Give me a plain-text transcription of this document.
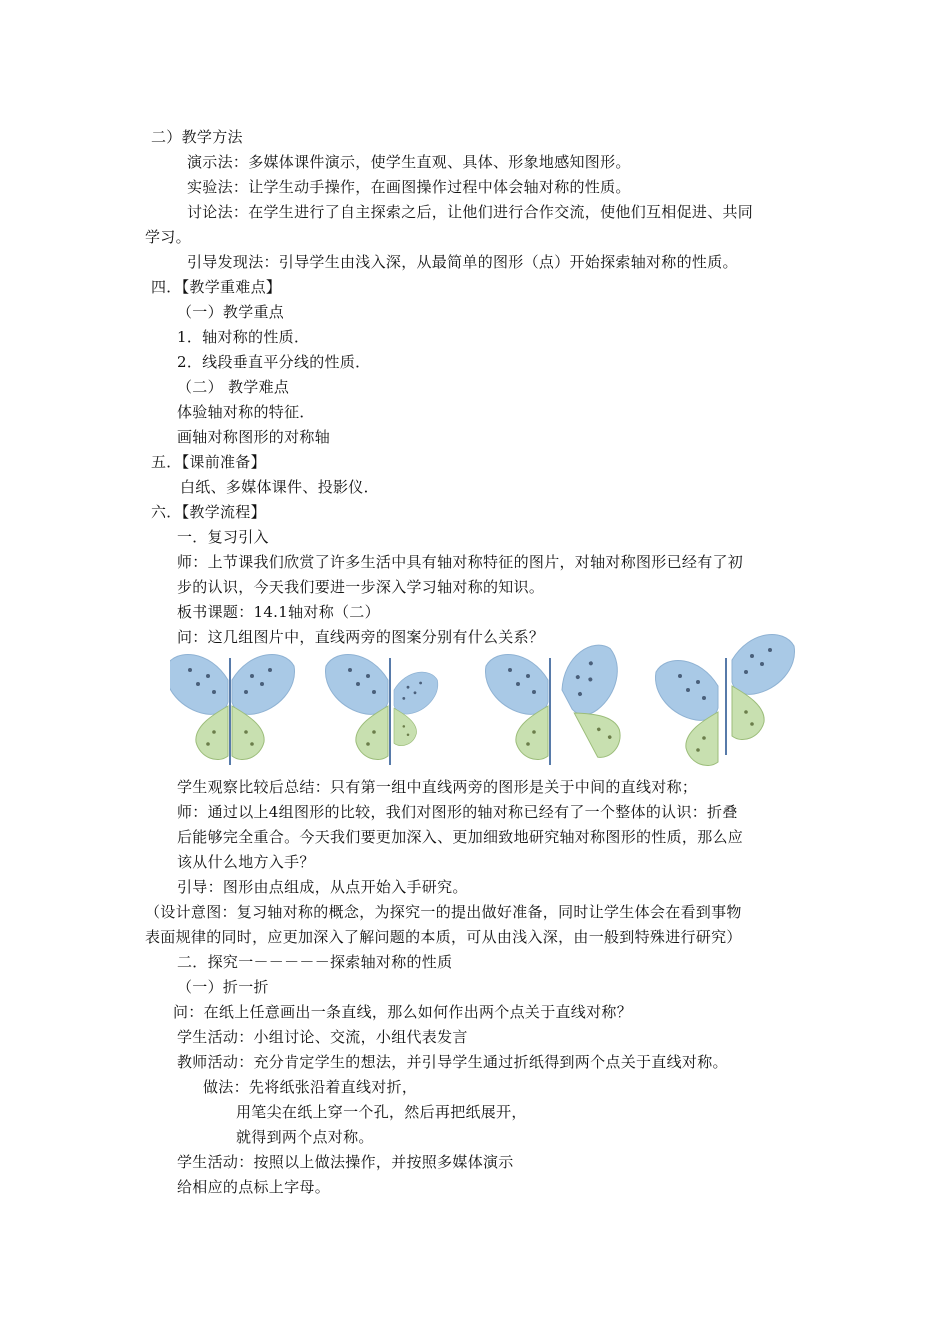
二）教学方法
演示法：多媒体课件演示，使学生直观、具体、形象地感知图形。
实验法：让学生动手操作，在画图操作过程中体会轴对称的性质。
讨论法：在学生进行了自主探索之后，让他们进行合作交流，使他们互相促进、共同
学习。
引导发现法：引导学生由浅入深，从最简单的图形（点）开始探索轴对称的性质。
四．【教学重难点】
（一）教学重点
1．轴对称的性质．
2．线段垂直平分线的性质．
（二） 教学难点
体验轴对称的特征．
画轴对称图形的对称轴
五．【课前准备】
白纸、多媒体课件、投影仪．
六．【教学流程】
一．复习引入
师：上节课我们欣赏了许多生活中具有轴对称特征的图片，对轴对称图形已经有了初
步的认识，今天我们要进一步深入学习轴对称的知识。
板书课题：14.1轴对称（二）
问：这几组图片中，直线两旁的图案分别有什么关系？
学生观察比较后总结：只有第一组中直线两旁的图形是关于中间的直线对称；
师：通过以上4组图形的比较，我们对图形的轴对称已经有了一个整体的认识：折叠
后能够完全重合。今天我们要更加深入、更加细致地研究轴对称图形的性质，那么应
该从什么地方入手？
引导：图形由点组成，从点开始入手研究。
（设计意图：复习轴对称的概念，为探究一的提出做好准备，同时让学生体会在看到事物
表面规律的同时，应更加深入了解问题的本质，可从由浅入深，由一般到特殊进行研究）
二．探究一－－－－－探索轴对称的性质
（一）折一折
问：在纸上任意画出一条直线，那么如何作出两个点关于直线对称？
学生活动：小组讨论、交流，小组代表发言
教师活动：充分肯定学生的想法，并引导学生通过折纸得到两个点关于直线对称。
做法：先将纸张沿着直线对折，
用笔尖在纸上穿一个孔，然后再把纸展开，
就得到两个点对称。
学生活动：按照以上做法操作，并按照多媒体演示
给相应的点标上字母。
